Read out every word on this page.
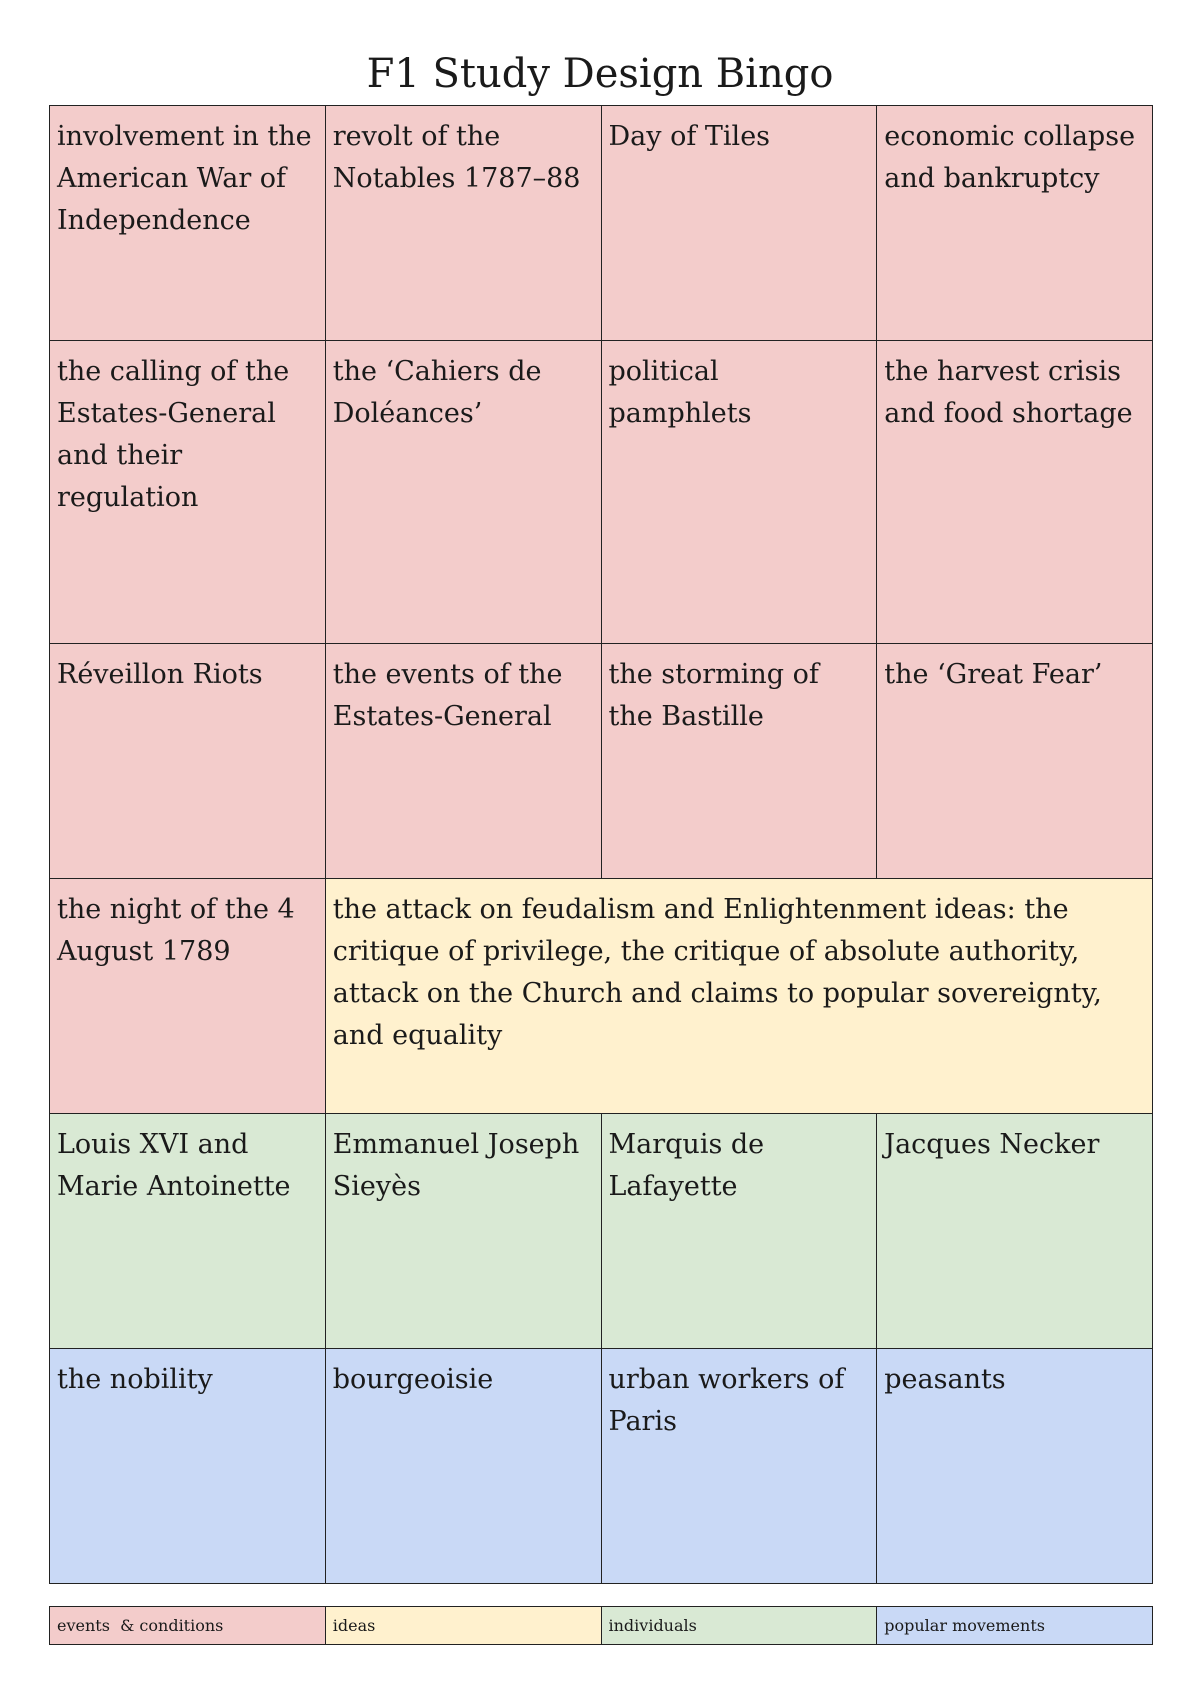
F1 Study Design Bingo
involvement in the American War of Independence	revolt of the Notables 1787–88	Day of Tiles	economic collapse and bankruptcy
the calling of the Estates-General and their regulation	the ‘Cahiers de Doléances’	political pamphlets	the harvest crisis and food shortage
Réveillon Riots	the events of the Estates-General	the storming of the Bastille	the ‘Great Fear’
the night of the 4 August 1789	the attack on feudalism and Enlightenment ideas: the critique of privilege, the critique of absolute authority, attack on the Church and claims to popular sovereignty, and equality		
Louis XVI and Marie Antoinette	Emmanuel Joseph Sieyès	Marquis de Lafayette	Jacques Necker
the nobility	bourgeoisie	urban workers of Paris	peasants
events  & conditions	ideas	individuals	popular movements
